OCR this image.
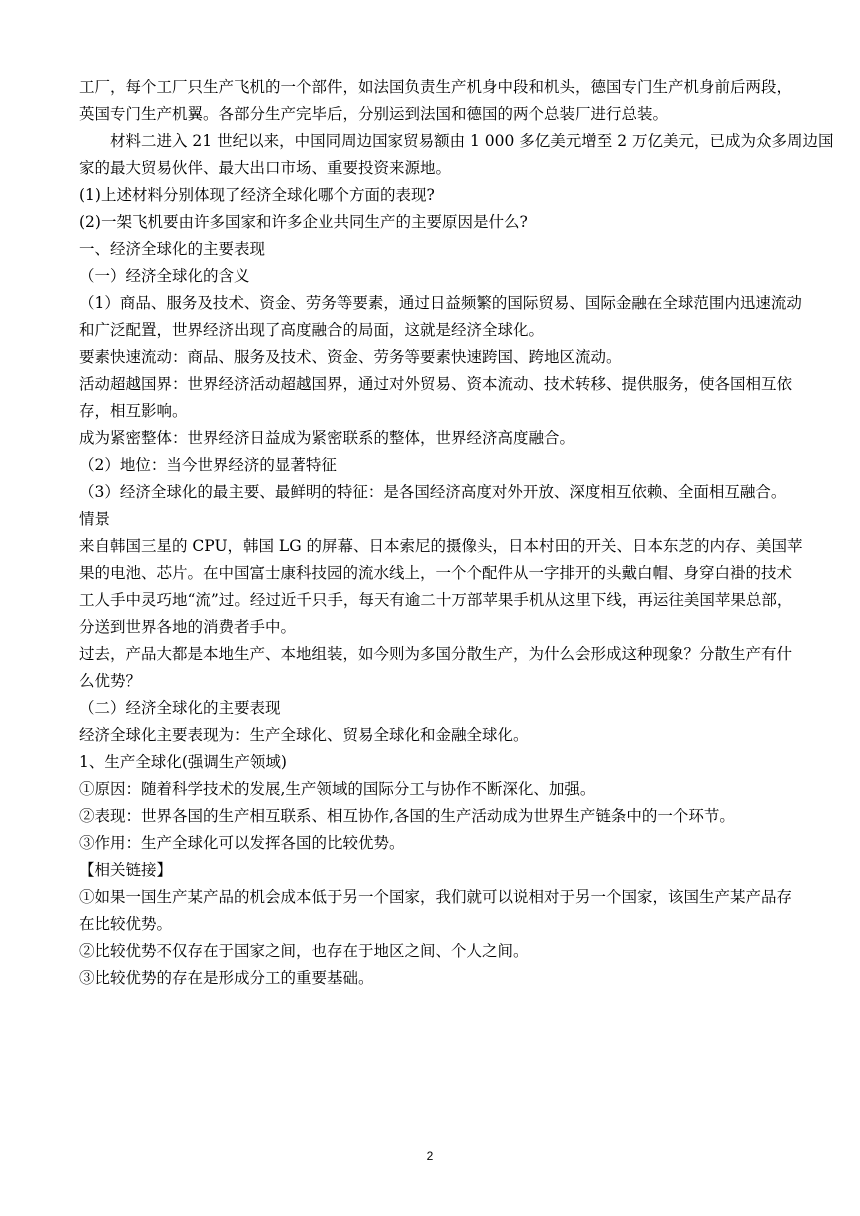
工厂，每个工厂只生产飞机的一个部件，如法国负责生产机身中段和机头，德国专门生产机身前后两段，
英国专门生产机翼。各部分生产完毕后，分别运到法国和德国的两个总装厂进行总装。
材料二进入 21 世纪以来，中国同周边国家贸易额由 1 000 多亿美元增至 2 万亿美元，已成为众多周边国
家的最大贸易伙伴、最大出口市场、重要投资来源地。
(1)上述材料分别体现了经济全球化哪个方面的表现?
(2)一架飞机要由许多国家和许多企业共同生产的主要原因是什么?
一、经济全球化的主要表现
（一）经济全球化的含义
（1）商品、服务及技术、资金、劳务等要素，通过日益频繁的国际贸易、国际金融在全球范围内迅速流动
和广泛配置，世界经济出现了高度融合的局面，这就是经济全球化。
要素快速流动：商品、服务及技术、资金、劳务等要素快速跨国、跨地区流动。
活动超越国界：世界经济活动超越国界，通过对外贸易、资本流动、技术转移、提供服务，使各国相互依
存，相互影响。
成为紧密整体：世界经济日益成为紧密联系的整体，世界经济高度融合。
（2）地位：当今世界经济的显著特征
（3）经济全球化的最主要、最鲜明的特征：是各国经济高度对外开放、深度相互依赖、全面相互融合。
情景
来自韩国三星的 CPU，韩国 LG 的屏幕、日本索尼的摄像头，日本村田的开关、日本东芝的内存、美国苹
果的电池、芯片。在中国富士康科技园的流水线上，一个个配件从一字排开的头戴白帽、身穿白褂的技术
工人手中灵巧地“流”过。经过近千只手，每天有逾二十万部苹果手机从这里下线，再运往美国苹果总部，
分送到世界各地的消费者手中。
过去，产品大都是本地生产、本地组装，如今则为多国分散生产，为什么会形成这种现象？分散生产有什
么优势？
（二）经济全球化的主要表现
经济全球化主要表现为：生产全球化、贸易全球化和金融全球化。
1、生产全球化(强调生产领域)
①原因：随着科学技术的发展,生产领域的国际分工与协作不断深化、加强。
②表现：世界各国的生产相互联系、相互协作,各国的生产活动成为世界生产链条中的一个环节。
③作用：生产全球化可以发挥各国的比较优势。
【相关链接】
①如果一国生产某产品的机会成本低于另一个国家，我们就可以说相对于另一个国家，该国生产某产品存
在比较优势。
②比较优势不仅存在于国家之间，也存在于地区之间、个人之间。
③比较优势的存在是形成分工的重要基础。
2
